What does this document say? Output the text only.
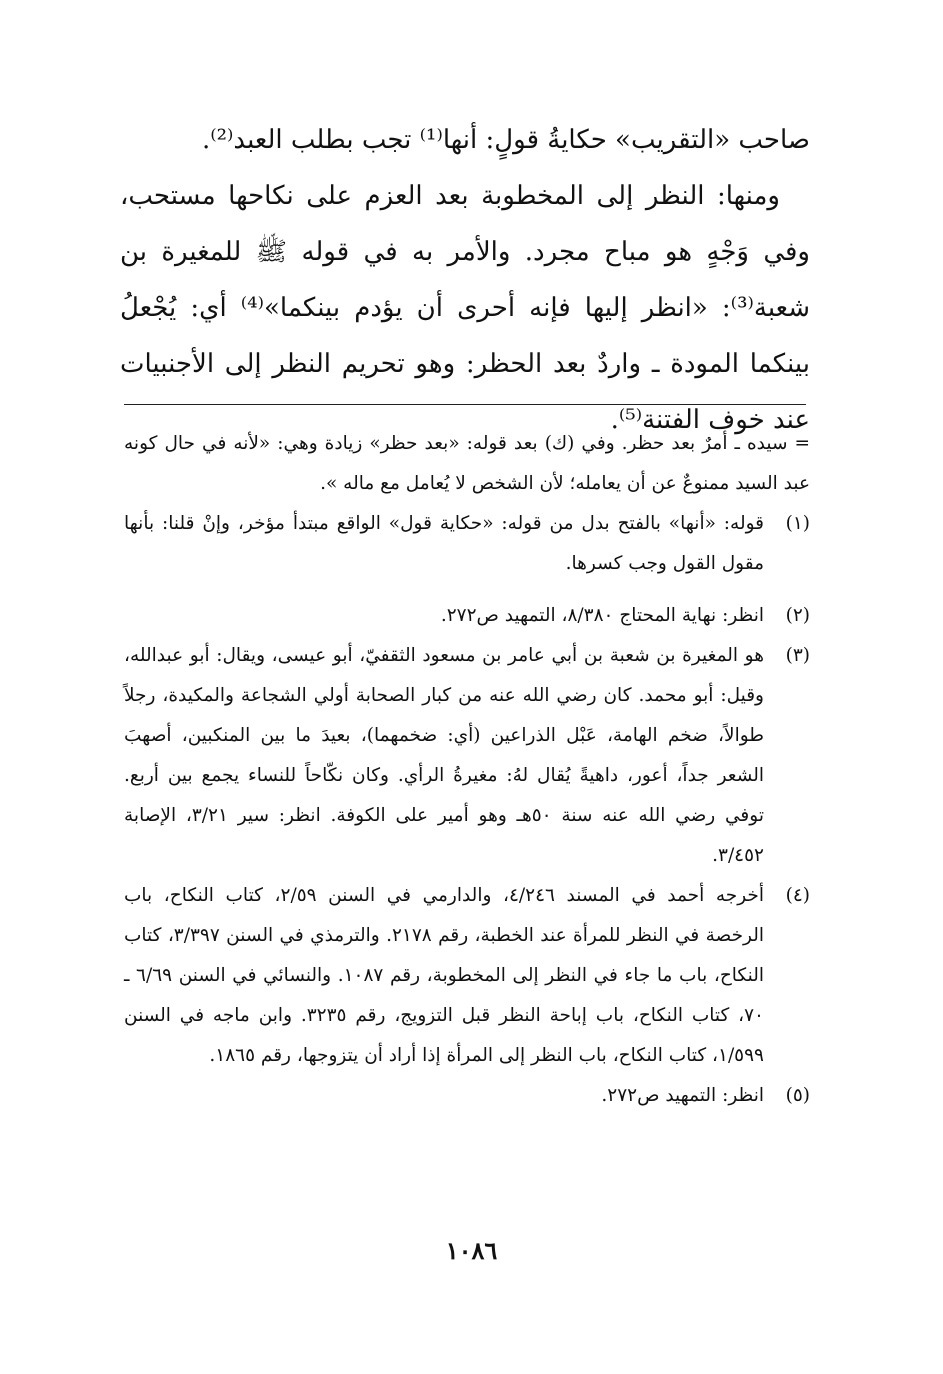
صاحب «التقريب» حكايةُ قولٍ: أنها⁽¹⁾ تجب بطلب العبد⁽²⁾.

ومنها: النظر إلى المخطوبة بعد العزم على نكاحها مستحب، وفي وَجْهٍ هو مباح مجرد. والأمر به في قوله ﷺ للمغيرة بن شعبة⁽³⁾: «انظر إليها فإنه أحرى أن يؤدم بينكما»⁽⁴⁾ أي: يُجْعلُ بينكما المودة ـ واردٌ بعد الحظر: وهو تحريم النظر إلى الأجنبيات عند خوف الفتنة⁽⁵⁾.

= سيده ـ أمرٌ بعد حظر. وفي (ك) بعد قوله: «بعد حظر» زيادة وهي: «لأنه في حال كونه عبد السيد ممنوعٌ عن أن يعامله؛ لأن الشخص لا يُعامل مع ماله ».
(١)
قوله: «أنها» بالفتح بدل من قوله: «حكاية قول» الواقع مبتدأ مؤخر، وإنْ قلنا: بأنها مقول القول وجب كسرها.
(٢)
انظر: نهاية المحتاج ٨/٣٨٠، التمهيد ص٢٧٢.
(٣)
هو المغيرة بن شعبة بن أبي عامر بن مسعود الثقفيّ، أبو عيسى، ويقال: أبو عبدالله، وقيل: أبو محمد. كان رضي الله عنه من كبار الصحابة أولي الشجاعة والمكيدة، رجلاً طوالاً، ضخم الهامة، عَبْل الذراعين (أي: ضخمهما)، بعيدَ ما بين المنكبين، أصهبَ الشعر جداً، أعور، داهيةً يُقال لهُ: مغيرةُ الرأي. وكان نكّاحاً للنساء يجمع بين أربع. توفي رضي الله عنه سنة ٥٠هـ وهو أمير على الكوفة. انظر: سير ٣/٢١، الإصابة ٣/٤٥٢.
(٤)
أخرجه أحمد في المسند ٤/٢٤٦، والدارمي في السنن ٢/٥٩، كتاب النكاح، باب الرخصة في النظر للمرأة عند الخطبة، رقم ٢١٧٨. والترمذي في السنن ٣/٣٩٧، كتاب النكاح، باب ما جاء في النظر إلى المخطوبة، رقم ١٠٨٧. والنسائي في السنن ٦/٦٩ ـ ٧٠، كتاب النكاح، باب إباحة النظر قبل التزويج، رقم ٣٢٣٥. وابن ماجه في السنن ١/٥٩٩، كتاب النكاح، باب النظر إلى المرأة إذا أراد أن يتزوجها، رقم ١٨٦٥.
(٥)
انظر: التمهيد ص٢٧٢.
١٠٨٦
